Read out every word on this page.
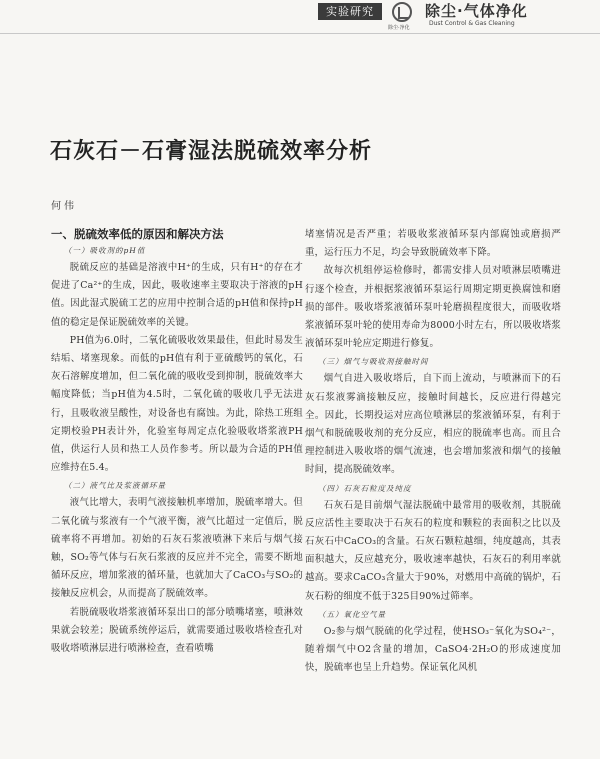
实验研究
除尘·净化
除尘·气体净化
Dust Control & Gas Cleaning
石灰石－石膏湿法脱硫效率分析
何伟
一、脱硫效率低的原因和解决方法
（一）吸收剂的pH值

脱硫反应的基础是溶液中H⁺的生成，只有H⁺的存在才促进了Ca²⁺的生成，因此，吸收速率主要取决于溶液的pH值。因此湿式脱硫工艺的应用中控制合适的pH值和保持pH值的稳定是保证脱硫效率的关键。

PH值为6.0时，二氧化硫吸收效果最佳，但此时易发生结垢、堵塞现象。而低的pH值有利于亚硫酸钙的氧化，石灰石溶解度增加，但二氧化硫的吸收受到抑制，脱硫效率大幅度降低；当pH值为4.5时，二氧化硫的吸收几乎无法进行，且吸收液呈酸性，对设备也有腐蚀。为此，除热工班组定期校验PH表计外，化验室每周定点化验吸收塔浆液PH值，供运行人员和热工人员作参考。所以最为合适的PH值应维持在5.4。

（二）液气比及浆液循环量

液气比增大，表明气液接触机率增加，脱硫率增大。但二氧化硫与浆液有一个气液平衡，液气比超过一定值后，脱硫率将不再增加。初始的石灰石浆液喷淋下来后与烟气接触，SO₂等气体与石灰石浆液的反应并不完全，需要不断地循环反应，增加浆液的循环量，也就加大了CaCO₃与SO₂的接触反应机会，从而提高了脱硫效率。

若脱硫吸收塔浆液循环泵出口的部分喷嘴堵塞，喷淋效果就会较差；脱硫系统停运后，就需要通过吸收塔检查孔对吸收塔喷淋层进行喷淋检查，查看喷嘴

堵塞情况是否严重；若吸收浆液循环泵内部腐蚀或磨损严重，运行压力不足，均会导致脱硫效率下降。

故每次机组停运检修时，都需安排人员对喷淋层喷嘴进行逐个检查，并根据浆液循环泵运行周期定期更换腐蚀和磨损的部件。吸收塔浆液循环泵叶轮磨损程度很大，而吸收塔浆液循环泵叶轮的使用寿命为8000小时左右，所以吸收塔浆液循环泵叶轮应定期进行修复。

（三）烟气与吸收剂接触时间

烟气自进入吸收塔后，自下而上流动，与喷淋而下的石灰石浆液雾滴接触反应，接触时间越长，反应进行得越完全。因此，长期投运对应高位喷淋层的浆液循环泵，有利于烟气和脱硫吸收剂的充分反应，相应的脱硫率也高。而且合理控制进入吸收塔的烟气流速，也会增加浆液和烟气的接触时间，提高脱硫效率。

（四）石灰石粒度及纯度

石灰石是目前烟气湿法脱硫中最常用的吸收剂，其脱硫反应活性主要取决于石灰石的粒度和颗粒的表面积之比以及石灰石中CaCO₃的含量。石灰石颗粒越细，纯度越高，其表面积越大，反应越充分，吸收速率越快，石灰石的利用率就越高。要求CaCO₃含量大于90%，对燃用中高硫的锅炉，石灰石粉的细度不低于325目90%过筛率。

（五）氧化空气量

O₂参与烟气脱硫的化学过程，使HSO₃⁻氧化为SO₄²⁻，随着烟气中O2含量的增加，CaSO4·2H₂O的形成速度加快，脱硫率也呈上升趋势。保证氧化风机
